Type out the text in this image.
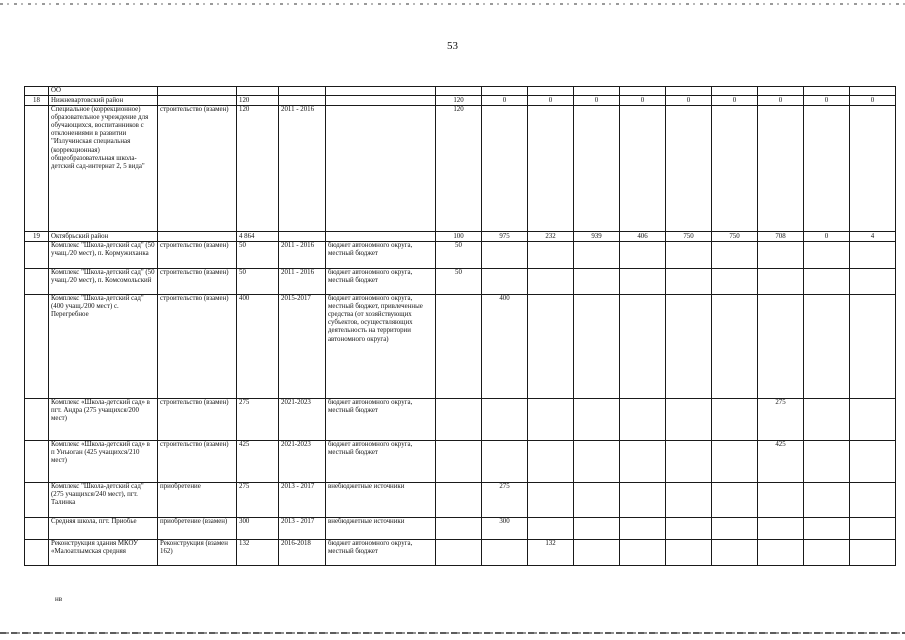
53
	ОО														
18	Нижневартовский район		120			120	0	0	0	0	0	0	0	0	0
	Специальное (коррекционное) образовательное учреждение для обучающихся, воспитанников с отклонениями в развитии "Излучинская специальная (коррекционная) общеобразовательная школа-детский сад-интернат 2, 5 вида"	строительство (взамен)	120	2011 - 2016		120									
19	Октябрьский район		4 864			100	975	232	939	406	750	750	708	0	4
	Комплекс "Школа-детский сад" (50 учащ./20 мест), п. Кормужиханка	строительство (взамен)	50	2011 - 2016	бюджет автономного округа, местный бюджет	50									
	Комплекс "Школа-детский сад" (50 учащ./20 мест), п. Комсомольский	строительство (взамен)	50	2011 - 2016	бюджет автономного округа, местный бюджет	50									
	Комплекс "Школа-детский сад" (400 учащ./200 мест) с. Перегребное	строительство (взамен)	400	2015-2017	бюджет автономного округа, местный бюджет, привлеченные средства (от хозяйствующих субъектов, осуществляющих деятельность на территории автономного округа)		400								
	Комплекс «Школа-детский сад» в пгт. Андра (275 учащихся/200 мест)	строительство (взамен)	275	2021-2023	бюджет автономного округа, местный бюджет								275		
	Комплекс «Школа-детский сад» в п Унъюган (425 учащихся/210 мест)	строительство (взамен)	425	2021-2023	бюджет автономного округа, местный бюджет								425		
	Комплекс "Школа-детский сад" (275 учащихся/240 мест), пгт. Талинка	приобретение	275	2013 - 2017	внебюджетные источники		275								
	Средняя школа, пгт. Приобье	приобретение (взамен)	300	2013 - 2017	внебюджетные источники		300								
	Реконструкция здания МКОУ «Малоатлымская средняя	Реконструкция (взамен 162)	132	2016-2018	бюджет автономного округа, местный бюджет			132							
нв
